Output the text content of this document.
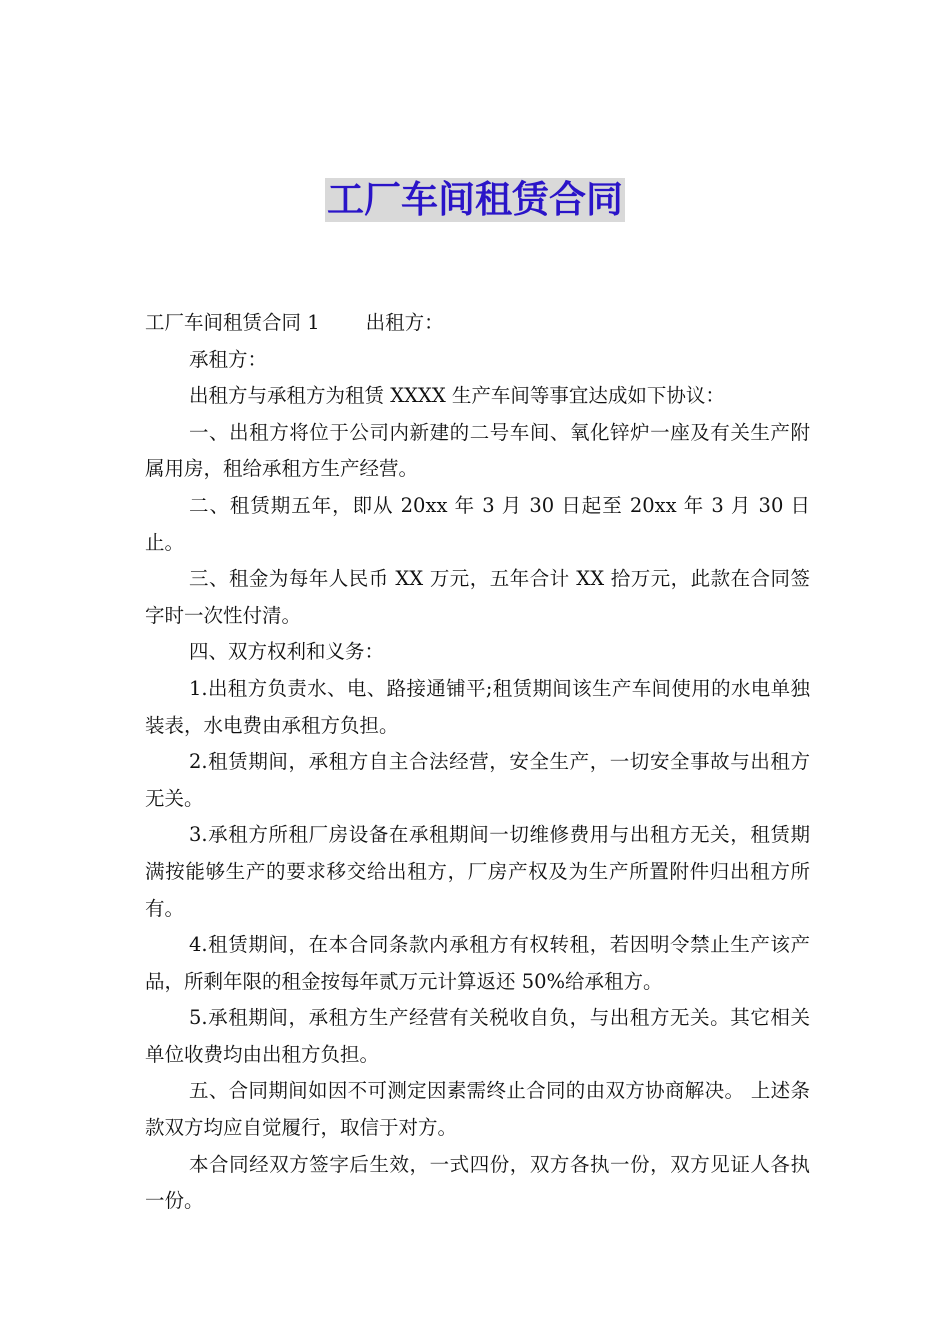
工厂车间租赁合同

工厂车间租赁合同 1 出租方：

承租方：

出租方与承租方为租赁 XXXX 生产车间等事宜达成如下协议：

一、出租方将位于公司内新建的二号车间、氧化锌炉一座及有关生产附属用房，租给承租方生产经营。

二、租赁期五年，即从 20xx 年 3 月 30 日起至 20xx 年 3 月 30 日止。

三、租金为每年人民币 XX 万元，五年合计 XX 拾万元，此款在合同签字时一次性付清。

四、双方权利和义务：

1.出租方负责水、电、路接通铺平;租赁期间该生产车间使用的水电单独装表，水电费由承租方负担。

2.租赁期间，承租方自主合法经营，安全生产，一切安全事故与出租方无关。

3.承租方所租厂房设备在承租期间一切维修费用与出租方无关，租赁期满按能够生产的要求移交给出租方，厂房产权及为生产所置附件归出租方所有。

4.租赁期间，在本合同条款内承租方有权转租，若因明令禁止生产该产品，所剩年限的租金按每年贰万元计算返还 50%给承租方。

5.承租期间，承租方生产经营有关税收自负，与出租方无关。其它相关单位收费均由出租方负担。

五、合同期间如因不可测定因素需终止合同的由双方协商解决。 上述条款双方均应自觉履行，取信于对方。

本合同经双方签字后生效，一式四份，双方各执一份，双方见证人各执一份。
